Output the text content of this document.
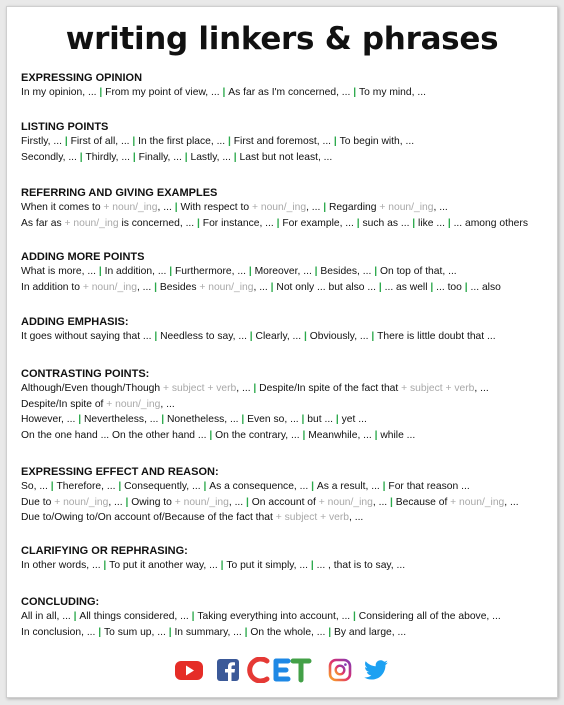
writing linkers & phrases
EXPRESSING OPINION
In my opinion, ... | From my point of view, ... | As far as I'm concerned, ... | To my mind, ...
LISTING POINTS
Firstly, ... | First of all, ... | In the first place, ... | First and foremost, ... | To begin with, ...
Secondly, ... | Thirdly, ... | Finally, ... | Lastly, ... | Last but not least, ...
REFERRING AND GIVING EXAMPLES
When it comes to + noun/_ing, ... | With respect to + noun/_ing, ... | Regarding + noun/_ing, ...
As far as + noun/_ing is concerned, ... | For instance, ... | For example, ... | such as ... | like ... | ... among others
ADDING MORE POINTS
What is more, ... | In addition, ... | Furthermore, ... | Moreover, ... | Besides, ... | On top of that, ...
In addition to + noun/_ing, ... | Besides + noun/_ing, ... | Not only ... but also ... | ... as well | ... too | ... also
ADDING EMPHASIS:
It goes without saying that ... | Needless to say, ... | Clearly, ... | Obviously, ... | There is little doubt that ...
CONTRASTING POINTS:
Although/Even though/Though + subject + verb, ... | Despite/In spite of the fact that + subject + verb, ...
Despite/In spite of + noun/_ing, ...
However, ... | Nevertheless, ... | Nonetheless, ... | Even so, ... | but ... | yet ...
On the one hand ... On the other hand ... | On the contrary, ... | Meanwhile, ... | while ...
EXPRESSING EFFECT AND REASON:
So, ... | Therefore, ... | Consequently, ... | As a consequence, ... | As a result, ... | For that reason ...
Due to + noun/_ing, ... | Owing to + noun/_ing, ... | On account of + noun/_ing, ... | Because of + noun/_ing, ...
Due to/Owing to/On account of/Because of the fact that + subject + verb, ...
CLARIFYING OR REPHRASING:
In other words, ... | To put it another way, ... | To put it simply, ... | ... , that is to say, ...
CONCLUDING:
All in all, ... | All things considered, ... | Taking everything into account, ... | Considering all of the above, ...
In conclusion, ... | To sum up, ... | In summary, ... | On the whole, ... | By and large, ...
